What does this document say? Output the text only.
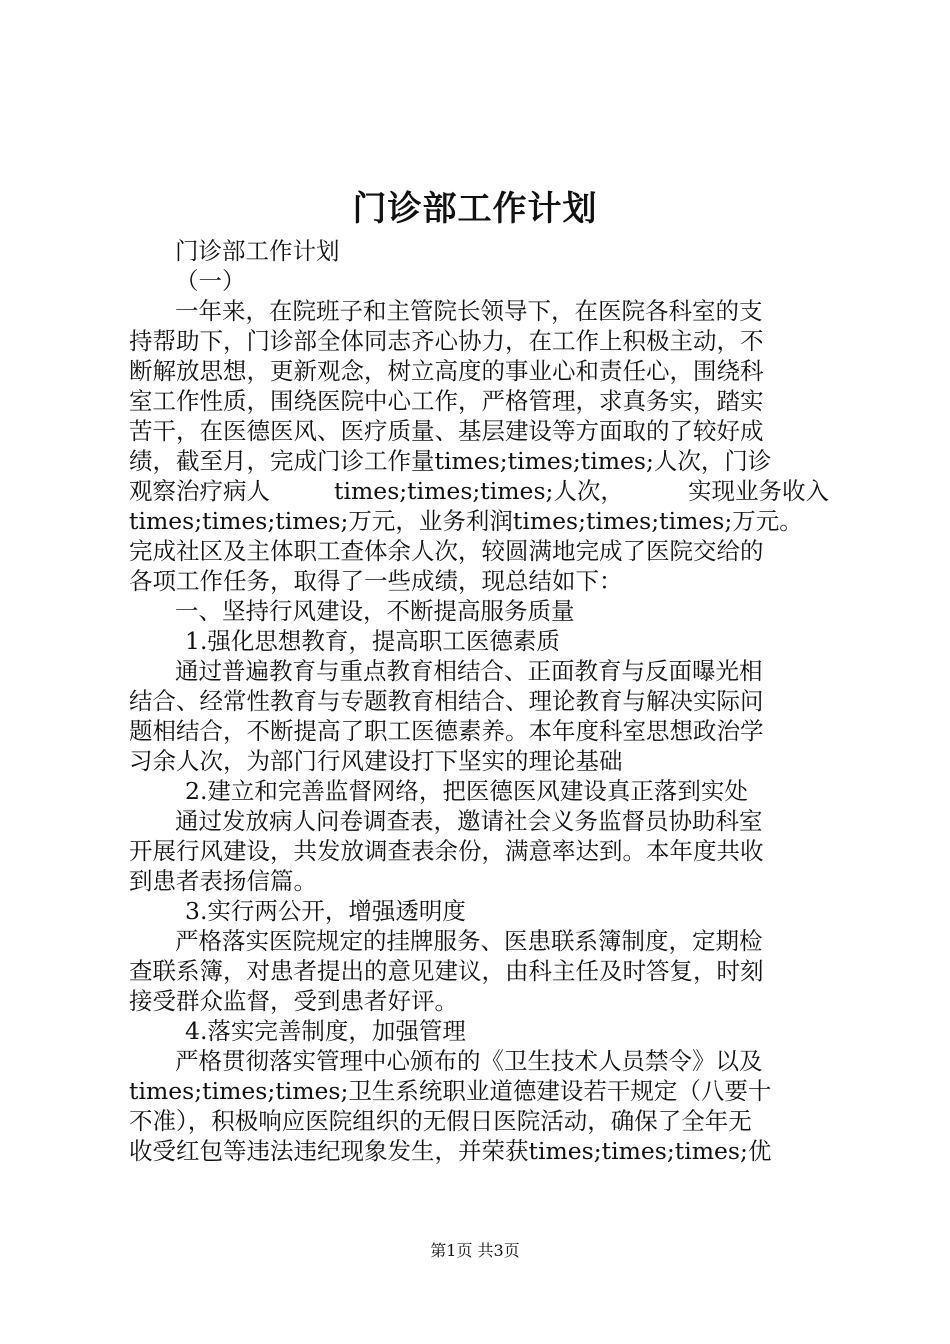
门诊部工作计划
门诊部工作计划
（一）
一年来，在院班子和主管院长领导下，在医院各科室的支
持帮助下，门诊部全体同志齐心协力，在工作上积极主动，不
断解放思想，更新观念，树立高度的事业心和责任心，围绕科
室工作性质，围绕医院中心工作，严格管理，求真务实，踏实
苦干，在医德医风、医疗质量、基层建设等方面取的了较好成
绩，截至月，完成门诊工作量times;times;times;人次，门诊
观察治疗病人	times;times;times;人次，	实现业务收入
times;times;times;万元，业务利润times;times;times;万元。
完成社区及主体职工查体余人次，较圆满地完成了医院交给的
各项工作任务，取得了一些成绩，现总结如下：
一、坚持行风建设，不断提高服务质量
1.强化思想教育，提高职工医德素质
通过普遍教育与重点教育相结合、正面教育与反面曝光相
结合、经常性教育与专题教育相结合、理论教育与解决实际问
题相结合，不断提高了职工医德素养。本年度科室思想政治学
习余人次，为部门行风建设打下坚实的理论基础
2.建立和完善监督网络，把医德医风建设真正落到实处
通过发放病人问卷调查表，邀请社会义务监督员协助科室
开展行风建设，共发放调查表余份，满意率达到。本年度共收
到患者表扬信篇。
3.实行两公开，增强透明度
严格落实医院规定的挂牌服务、医患联系簿制度，定期检
查联系簿，对患者提出的意见建议，由科主任及时答复，时刻
接受群众监督，受到患者好评。
4.落实完善制度，加强管理
严格贯彻落实管理中心颁布的《卫生技术人员禁令》以及
times;times;times;卫生系统职业道德建设若干规定（八要十
不准），积极响应医院组织的无假日医院活动，确保了全年无
收受红包等违法违纪现象发生，并荣获times;times;times;优
第1页 共3页
